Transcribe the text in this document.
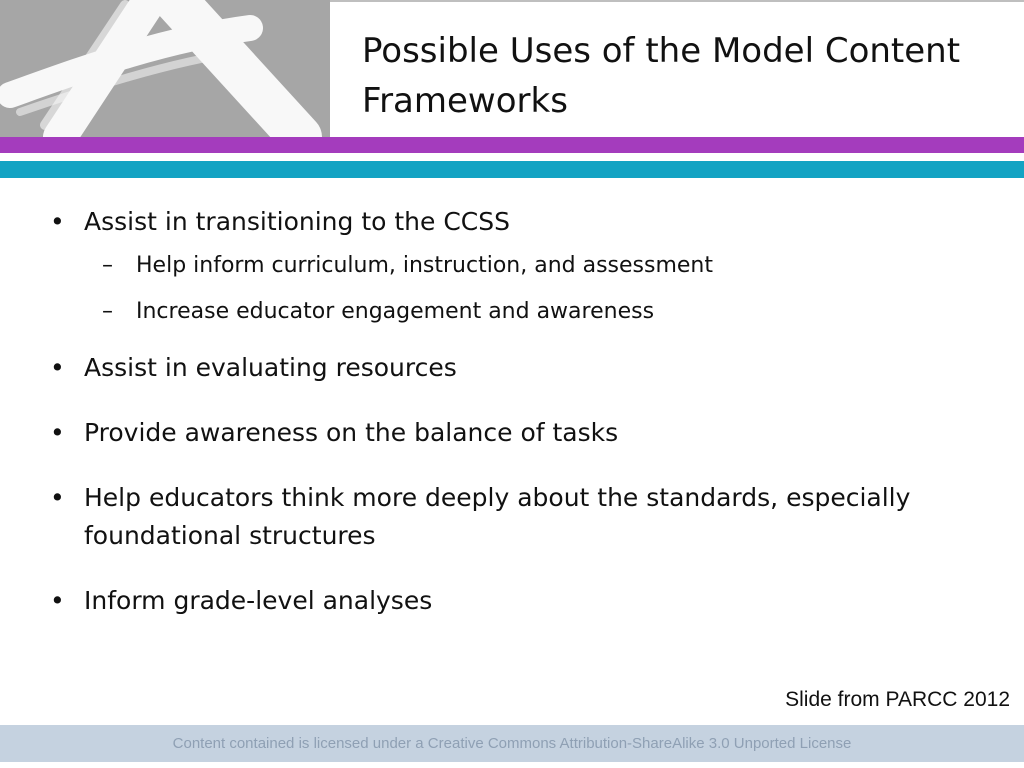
Possible Uses of the Model Content
Frameworks
• Assist in transitioning to the CCSS
– Help inform curriculum, instruction, and assessment
– Increase educator engagement and awareness
• Assist in evaluating resources
• Provide awareness on the balance of tasks
• Help educators think more deeply about the standards, especially foundational structures
• Inform grade-level analyses
Slide from PARCC 2012
Content contained is licensed under a Creative Commons Attribution-ShareAlike 3.0 Unported License
